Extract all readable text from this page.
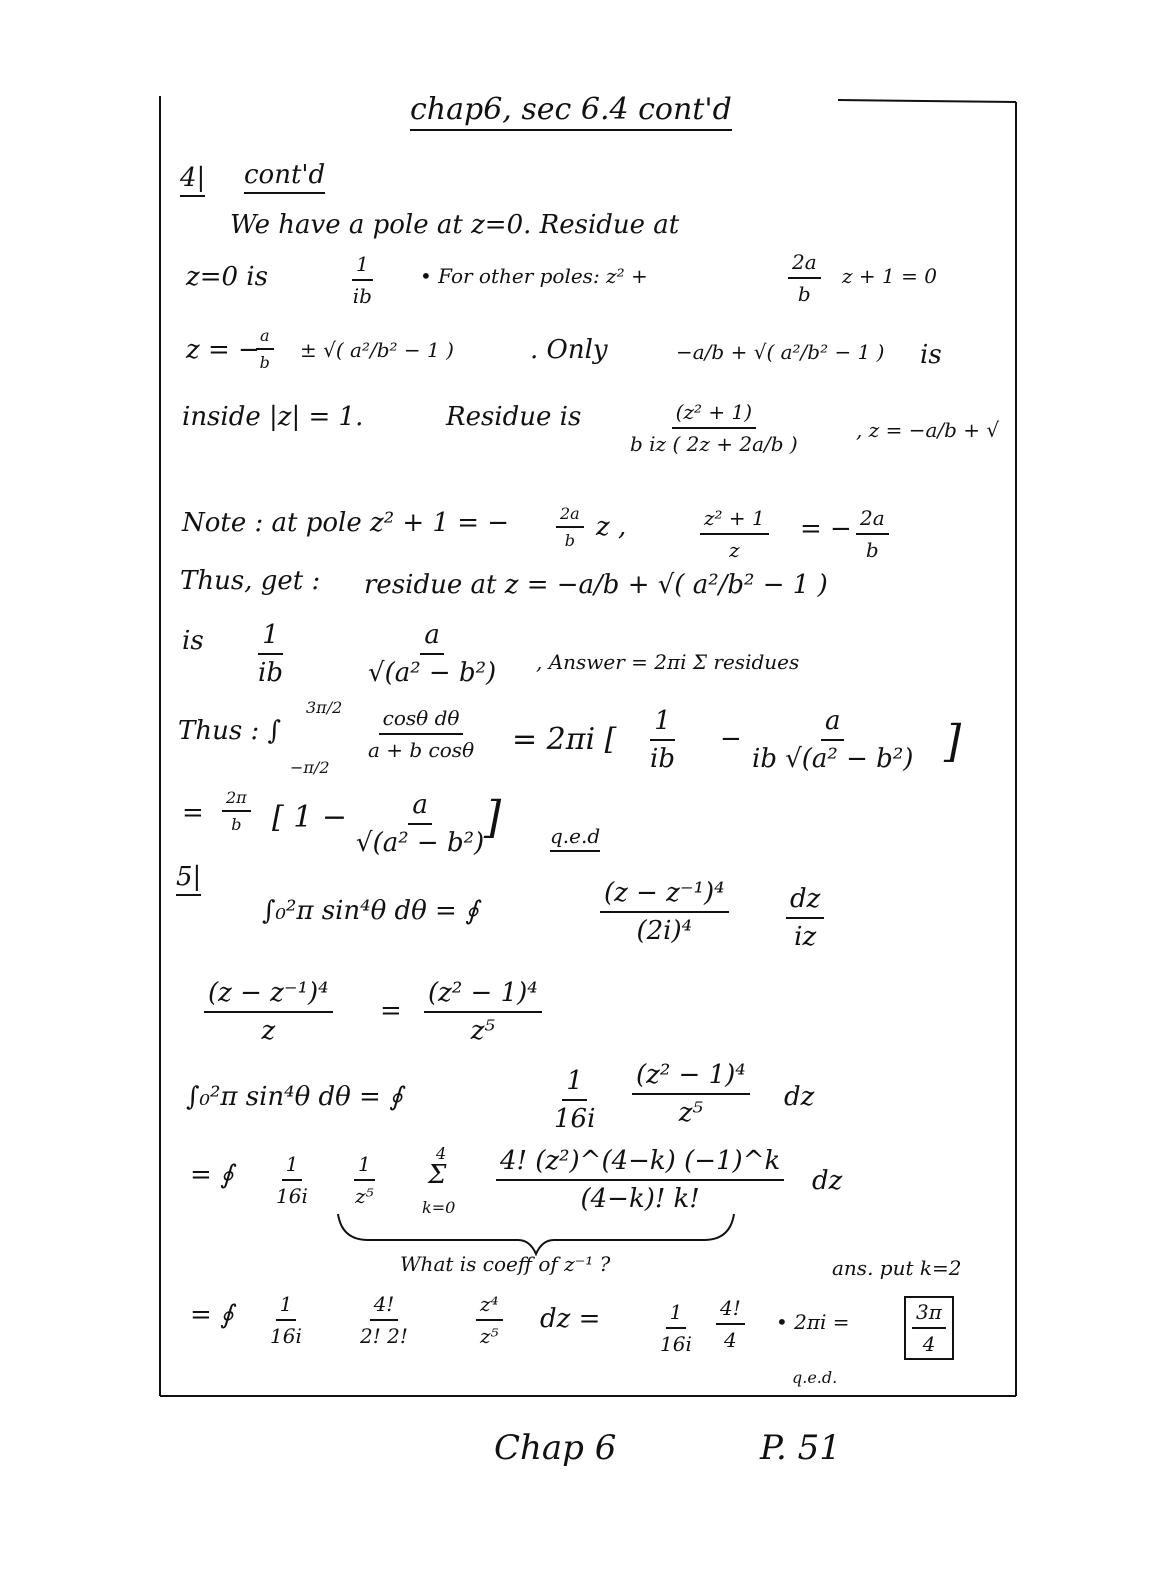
chap6, sec 6.4 cont'd
4| cont'd
We have a pole at z=0. Residue at
z=0 is	$\frac{1}{ib}$ • For other poles: z² +	$\frac{2a}{b}$ z + 1 = 0
z = −
$\frac{a}{b}$ ± √( a²/b² − 1 )	. Only	−a/b + √( a²/b² − 1 ) is
inside |z| = 1.	Residue is $\frac{\text{(z² + 1)}}{\text{b iz ( 2z + 2a/b )}}$	, z = −a/b + √
Note : at pole z² + 1 = −	$\frac{2a}{b}$ z ,	$\frac{\text{z² + 1}}{z}$ = − $\frac{2a}{b}$
Thus, get : residue at z = −a/b + √( a²/b² − 1 )
is $\frac{1}{ib}$	$\frac{a}{\text{√(a² − b²)}}$ , Answer = 2πi Σ residues
Thus : ∫
3π/2
−π/2
$\frac{\text{cosθ dθ}}{\text{a + b cosθ}} = 2\pi i$ [ $\frac{1}{ib} - \frac{a}{\text{ib √(a² − b²)}}$ ]
= $\frac{2\pi}{b}$ [ $1 - \frac{a}{\text{√(a² − b²)}}$ ] q.e.d
5|
∫₀²π sin⁴θ dθ = ∮	$\frac{\text{(z − z⁻¹)⁴}}{\text{(2i)⁴}} \frac{dz}{iz}$
$\frac{\text{(z − z⁻¹)⁴}}{z} = \frac{\text{(z² − 1)⁴}}{\text{z⁵}}$
∫₀²π sin⁴θ dθ = ∮	$\frac{1}{16i} \frac{\text{(z² − 1)⁴}}{\text{z⁵}}$ dz
= ∮ $\frac{1}{16i} \frac{1}{\text{z⁵}}$	4
Σ
$k=0 \frac{\text{4! (z²)\textasciicircum{}(4−k) (−1)\textasciicircum{}k}}{(4-k)! k!}$ dz
What is coeff of z⁻¹ ?	ans. put k=2
= ∮ $\frac{1}{16i}$	$\frac{4!}{2! 2!}$	$\frac{\text{z⁴}}{\text{z⁵}}$ dz =	$\frac{1}{16i} \frac{4!}{4}$ • 2πi =	$\frac{3\pi}{4}$
q.e.d.
Chap 6	P. 51
